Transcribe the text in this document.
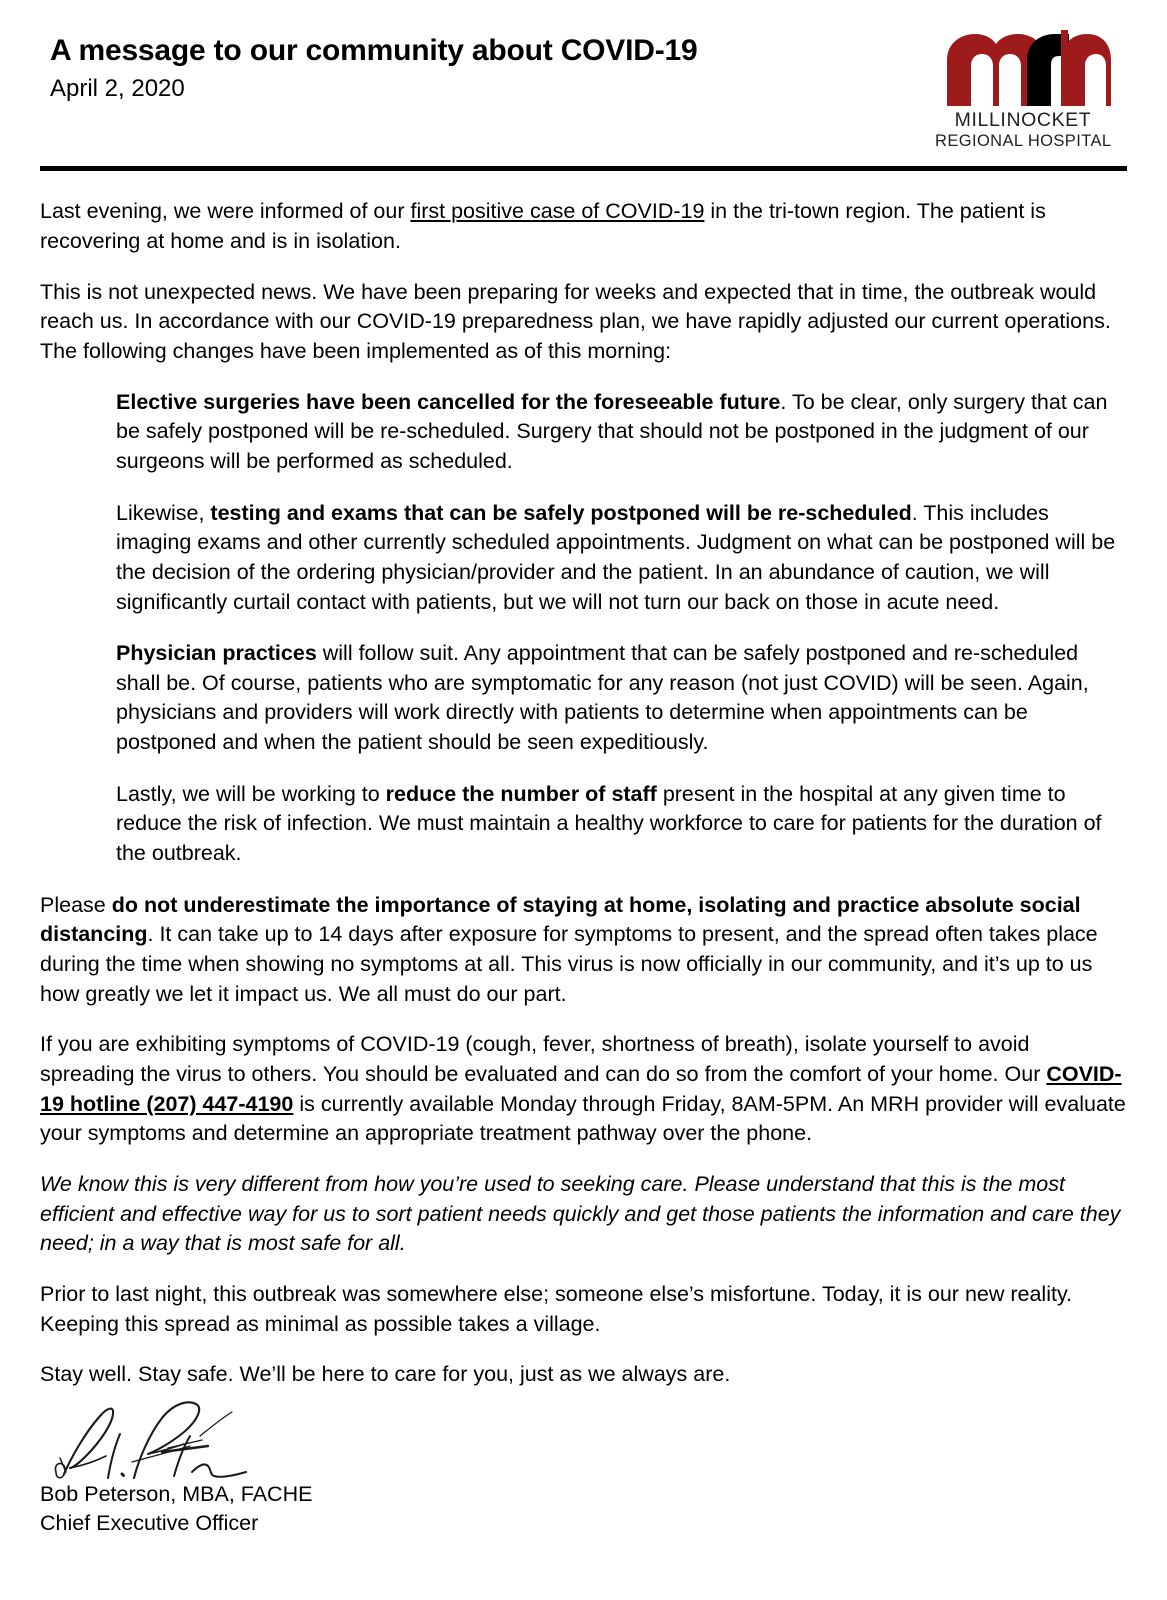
A message to our community about COVID-19
April 2, 2020
MILLINOCKET
REGIONAL HOSPITAL

Last evening, we were informed of our first positive case of COVID-19 in the tri-town region. The patient is recovering at home and is in isolation.

This is not unexpected news. We have been preparing for weeks and expected that in time, the outbreak would reach us. In accordance with our COVID-19 preparedness plan, we have rapidly adjusted our current operations. The following changes have been implemented as of this morning:

Elective surgeries have been cancelled for the foreseeable future. To be clear, only surgery that can be safely postponed will be re-scheduled. Surgery that should not be postponed in the judgment of our surgeons will be performed as scheduled.

Likewise, testing and exams that can be safely postponed will be re-scheduled. This includes imaging exams and other currently scheduled appointments. Judgment on what can be postponed will be the decision of the ordering physician/provider and the patient. In an abundance of caution, we will significantly curtail contact with patients, but we will not turn our back on those in acute need.

Physician practices will follow suit. Any appointment that can be safely postponed and re-scheduled shall be. Of course, patients who are symptomatic for any reason (not just COVID) will be seen. Again, physicians and providers will work directly with patients to determine when appointments can be postponed and when the patient should be seen expeditiously.

Lastly, we will be working to reduce the number of staff present in the hospital at any given time to reduce the risk of infection. We must maintain a healthy workforce to care for patients for the duration of the outbreak.

Please do not underestimate the importance of staying at home, isolating and practice absolute social distancing. It can take up to 14 days after exposure for symptoms to present, and the spread often takes place during the time when showing no symptoms at all. This virus is now officially in our community, and it’s up to us how greatly we let it impact us. We all must do our part.

If you are exhibiting symptoms of COVID-19 (cough, fever, shortness of breath), isolate yourself to avoid spreading the virus to others. You should be evaluated and can do so from the comfort of your home. Our COVID-19 hotline (207) 447-4190 is currently available Monday through Friday, 8AM-5PM. An MRH provider will evaluate your symptoms and determine an appropriate treatment pathway over the phone.

We know this is very different from how you’re used to seeking care. Please understand that this is the most efficient and effective way for us to sort patient needs quickly and get those patients the information and care they need; in a way that is most safe for all.

Prior to last night, this outbreak was somewhere else; someone else’s misfortune. Today, it is our new reality. Keeping this spread as minimal as possible takes a village.

Stay well. Stay safe. We’ll be here to care for you, just as we always are.

Bob Peterson, MBA, FACHE
Chief Executive Officer
